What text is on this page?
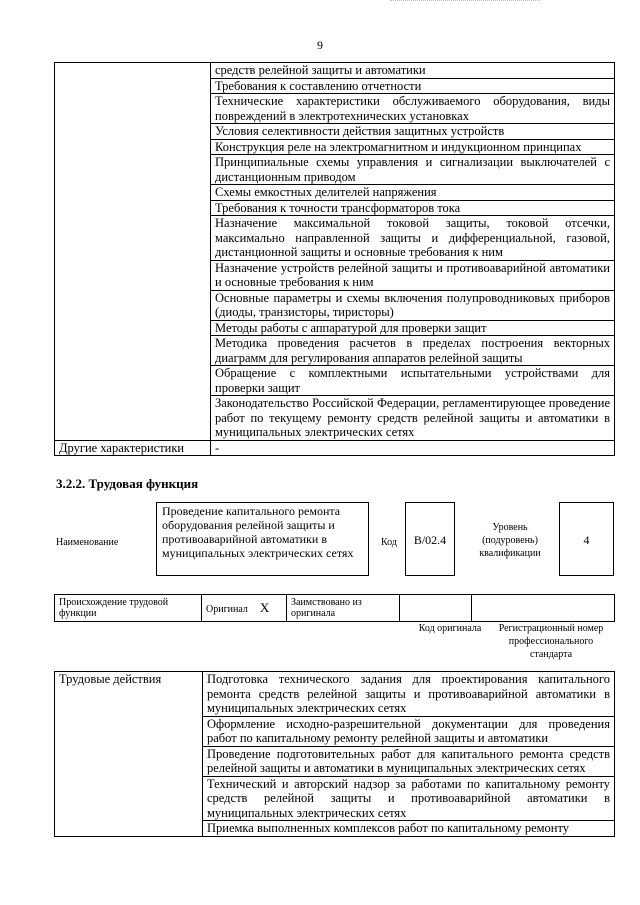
9
	средств релейной защиты и автоматики
	Требования к составлению отчетности
	Технические характеристики обслуживаемого оборудования, виды повреждений в электротехнических установках
	Условия селективности действия защитных устройств
	Конструкция реле на электромагнитном и индукционном принципах
	Принципиальные схемы управления и сигнализации выключателей с дистанционным приводом
	Схемы емкостных делителей напряжения
	Требования к точности трансформаторов тока
	Назначение максимальной токовой защиты, токовой отсечки, максимально направленной защиты и дифференциальной, газовой, дистанционной защиты и основные требования к ним
	Назначение устройств релейной защиты и противоаварийной автоматики и основные требования к ним
	Основные параметры и схемы включения полупроводниковых приборов (диоды, транзисторы, тиристоры)
	Методы работы с аппаратурой для проверки защит
	Методика проведения расчетов в пределах построения векторных диаграмм для регулирования аппаратов релейной защиты
	Обращение с комплектными испытательными устройствами для проверки защит
	Законодательство Российской Федерации, регламентирующее проведение работ по текущему ремонту средств релейной защиты и автоматики в муниципальных электрических сетях
Другие характеристики	-
3.2.2. Трудовая функция
Наименование
Проведение капитального ремонта оборудования релейной защиты и противоаварийной автоматики в муниципальных электрических сетях
Код	B/02.4
Уровень (подуровень) квалификации
4
Происхождение трудовой функции	Оригинал X	Заимствовано из оригинала		
Код оригинала	Регистрационный номер профессионального стандарта
Трудовые действия	Подготовка технического задания для проектирования капитального ремонта средств релейной защиты и противоаварийной автоматики в муниципальных электрических сетях
Оформление исходно-разрешительной документации для проведения работ по капитальному ремонту релейной защиты и автоматики
Проведение подготовительных работ для капитального ремонта средств релейной защиты и автоматики в муниципальных электрических сетях
Технический и авторский надзор за работами по капитальному ремонту средств релейной защиты и противоаварийной автоматики в муниципальных электрических сетях
Приемка выполненных комплексов работ по капитальному ремонту
